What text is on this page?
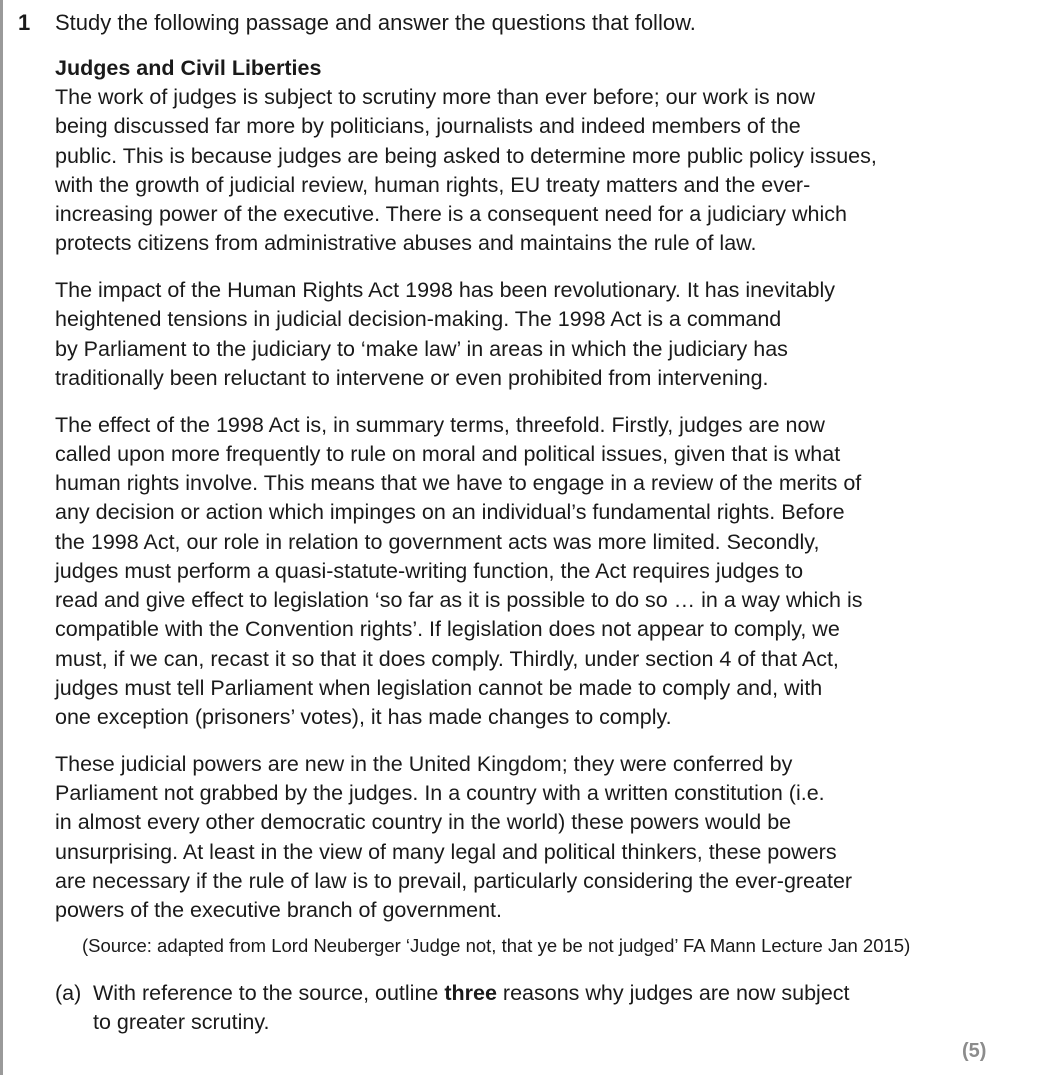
1 Study the following passage and answer the questions that follow.

Judges and Civil Liberties

The work of judges is subject to scrutiny more than ever before; our work is now
being discussed far more by politicians, journalists and indeed members of the
public. This is because judges are being asked to determine more public policy issues,
with the growth of judicial review, human rights, EU treaty matters and the ever-
increasing power of the executive. There is a consequent need for a judiciary which
protects citizens from administrative abuses and maintains the rule of law.

The impact of the Human Rights Act 1998 has been revolutionary. It has inevitably
heightened tensions in judicial decision-making. The 1998 Act is a command
by Parliament to the judiciary to ‘make law’ in areas in which the judiciary has
traditionally been reluctant to intervene or even prohibited from intervening.

The effect of the 1998 Act is, in summary terms, threefold. Firstly, judges are now
called upon more frequently to rule on moral and political issues, given that is what
human rights involve. This means that we have to engage in a review of the merits of
any decision or action which impinges on an individual’s fundamental rights. Before
the 1998 Act, our role in relation to government acts was more limited. Secondly,
judges must perform a quasi-statute-writing function, the Act requires judges to
read and give effect to legislation ‘so far as it is possible to do so … in a way which is
compatible with the Convention rights’. If legislation does not appear to comply, we
must, if we can, recast it so that it does comply. Thirdly, under section 4 of that Act,
judges must tell Parliament when legislation cannot be made to comply and, with
one exception (prisoners’ votes), it has made changes to comply.

These judicial powers are new in the United Kingdom; they were conferred by
Parliament not grabbed by the judges. In a country with a written constitution (i.e.
in almost every other democratic country in the world) these powers would be
unsurprising. At least in the view of many legal and political thinkers, these powers
are necessary if the rule of law is to prevail, particularly considering the ever-greater
powers of the executive branch of government.

(Source: adapted from Lord Neuberger ‘Judge not, that ye be not judged’ FA Mann Lecture Jan 2015)
(a) With reference to the source, outline three reasons why judges are now subject
to greater scrutiny.
(5)
